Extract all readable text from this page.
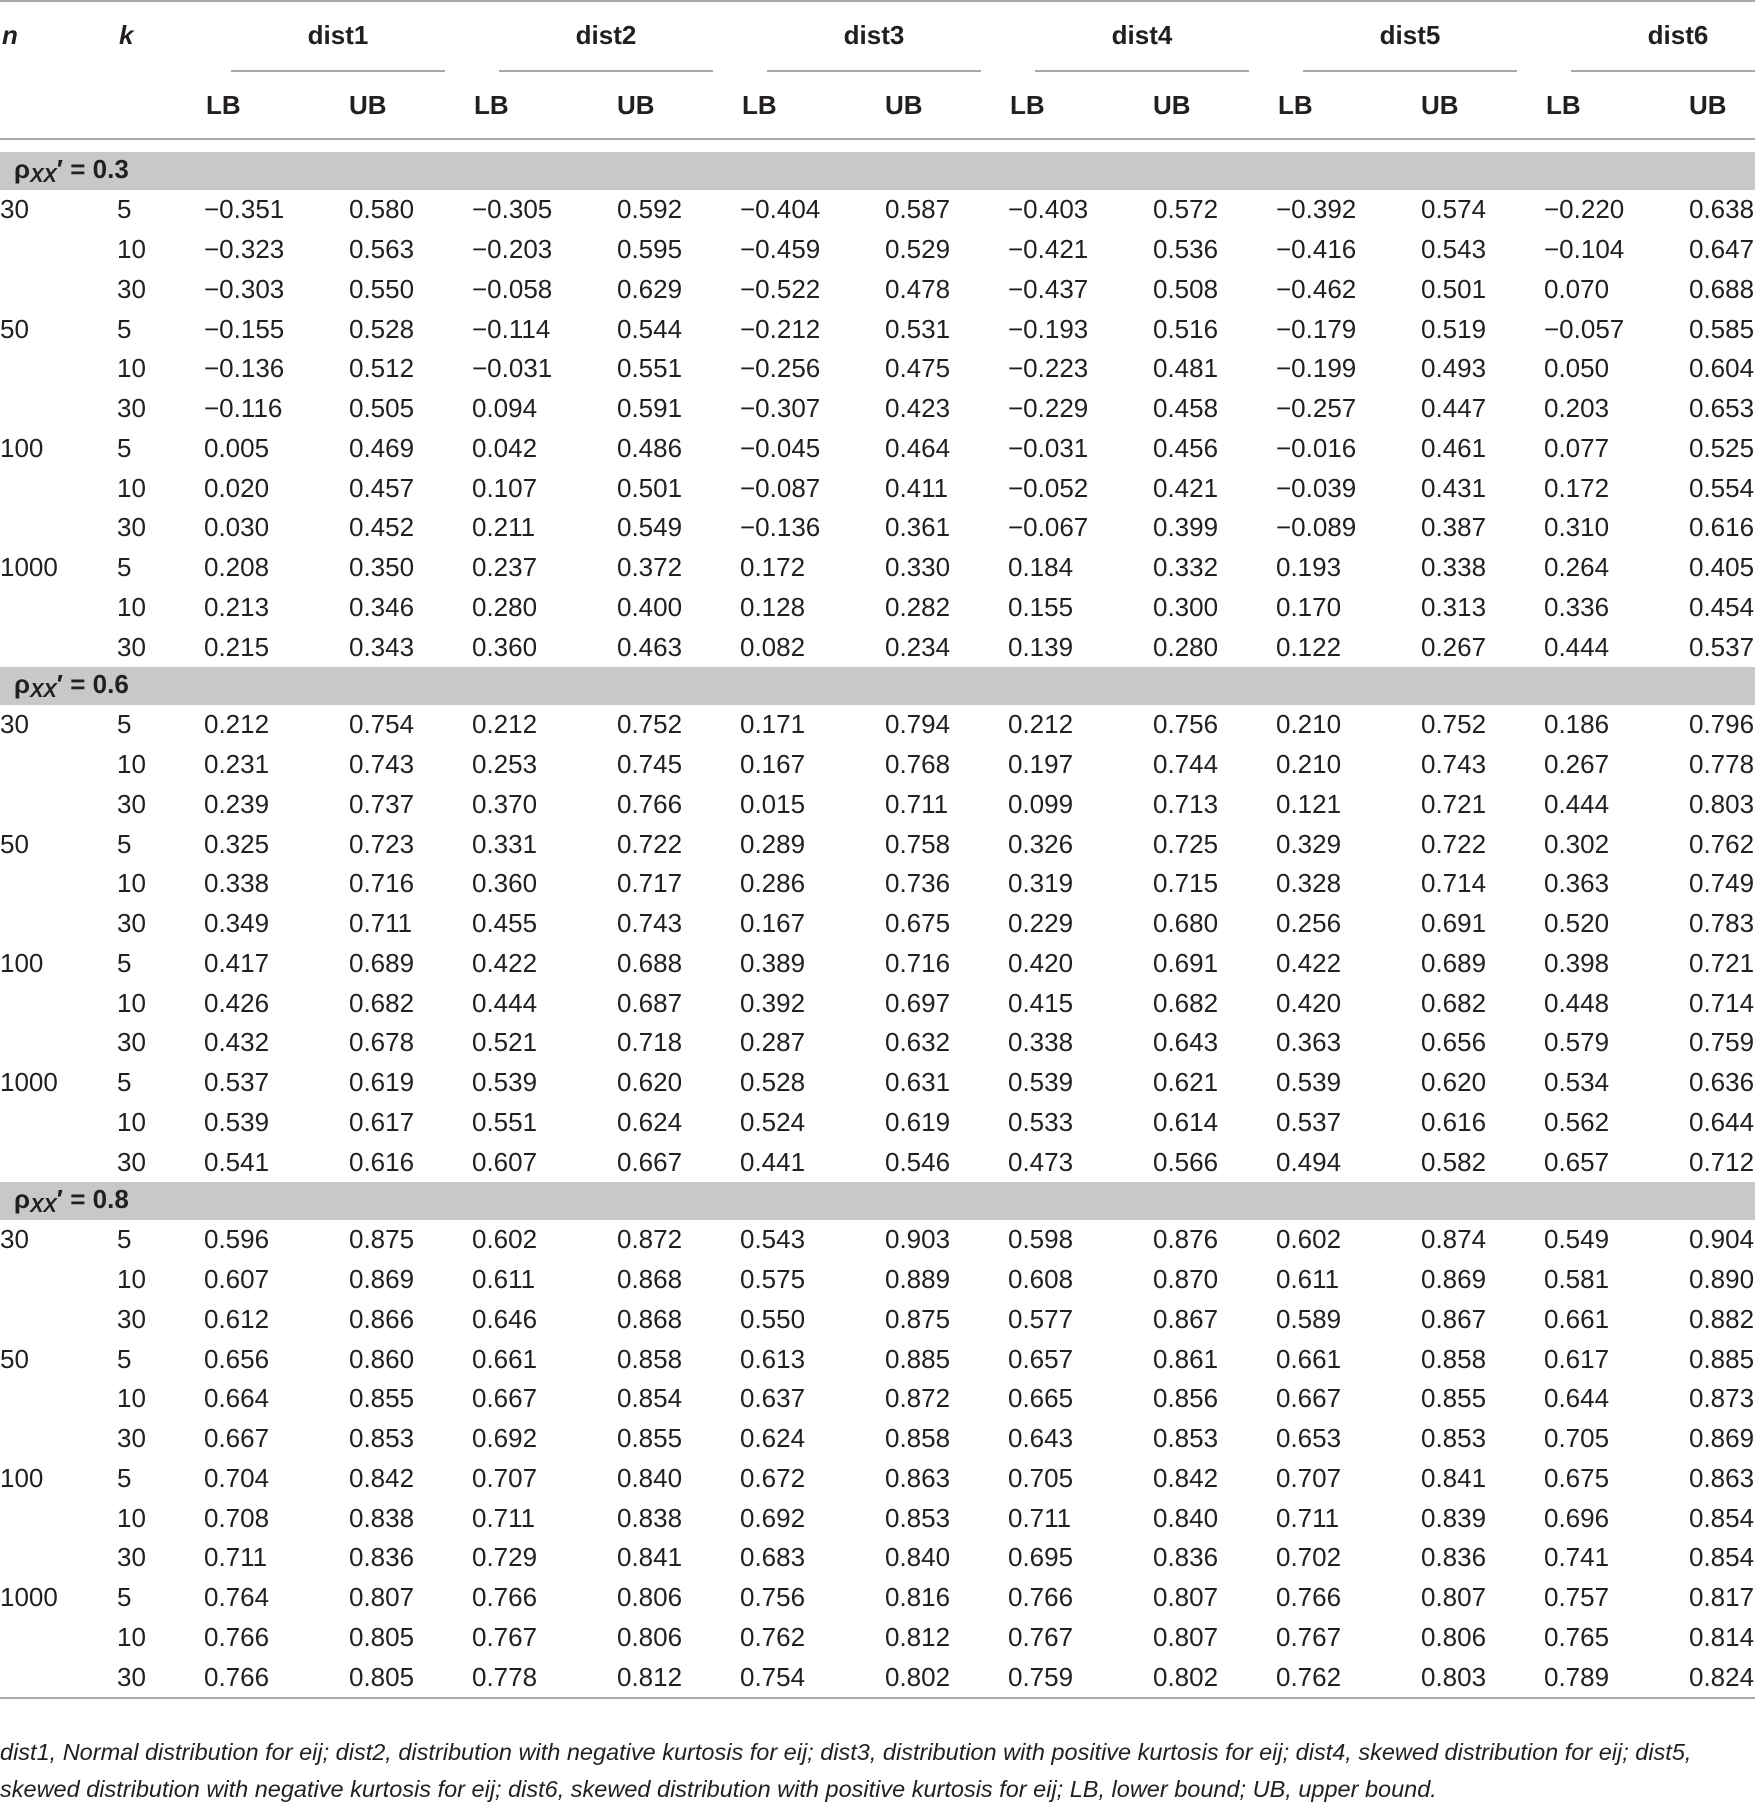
n	k	dist1		dist2		dist3		dist4		dist5		dist6	

		LB	UB	LB	UB	LB	UB	LB	UB	LB	UB	LB	UB

ρXX′ = 0.3													
30	5	−0.351	0.580	−0.305	0.592	−0.404	0.587	−0.403	0.572	−0.392	0.574	−0.220	0.638
	10	−0.323	0.563	−0.203	0.595	−0.459	0.529	−0.421	0.536	−0.416	0.543	−0.104	0.647
	30	−0.303	0.550	−0.058	0.629	−0.522	0.478	−0.437	0.508	−0.462	0.501	0.070	0.688
50	5	−0.155	0.528	−0.114	0.544	−0.212	0.531	−0.193	0.516	−0.179	0.519	−0.057	0.585
	10	−0.136	0.512	−0.031	0.551	−0.256	0.475	−0.223	0.481	−0.199	0.493	0.050	0.604
	30	−0.116	0.505	0.094	0.591	−0.307	0.423	−0.229	0.458	−0.257	0.447	0.203	0.653
100	5	0.005	0.469	0.042	0.486	−0.045	0.464	−0.031	0.456	−0.016	0.461	0.077	0.525
	10	0.020	0.457	0.107	0.501	−0.087	0.411	−0.052	0.421	−0.039	0.431	0.172	0.554
	30	0.030	0.452	0.211	0.549	−0.136	0.361	−0.067	0.399	−0.089	0.387	0.310	0.616
1000	5	0.208	0.350	0.237	0.372	0.172	0.330	0.184	0.332	0.193	0.338	0.264	0.405
	10	0.213	0.346	0.280	0.400	0.128	0.282	0.155	0.300	0.170	0.313	0.336	0.454
	30	0.215	0.343	0.360	0.463	0.082	0.234	0.139	0.280	0.122	0.267	0.444	0.537
ρXX′ = 0.6													
30	5	0.212	0.754	0.212	0.752	0.171	0.794	0.212	0.756	0.210	0.752	0.186	0.796
	10	0.231	0.743	0.253	0.745	0.167	0.768	0.197	0.744	0.210	0.743	0.267	0.778
	30	0.239	0.737	0.370	0.766	0.015	0.711	0.099	0.713	0.121	0.721	0.444	0.803
50	5	0.325	0.723	0.331	0.722	0.289	0.758	0.326	0.725	0.329	0.722	0.302	0.762
	10	0.338	0.716	0.360	0.717	0.286	0.736	0.319	0.715	0.328	0.714	0.363	0.749
	30	0.349	0.711	0.455	0.743	0.167	0.675	0.229	0.680	0.256	0.691	0.520	0.783
100	5	0.417	0.689	0.422	0.688	0.389	0.716	0.420	0.691	0.422	0.689	0.398	0.721
	10	0.426	0.682	0.444	0.687	0.392	0.697	0.415	0.682	0.420	0.682	0.448	0.714
	30	0.432	0.678	0.521	0.718	0.287	0.632	0.338	0.643	0.363	0.656	0.579	0.759
1000	5	0.537	0.619	0.539	0.620	0.528	0.631	0.539	0.621	0.539	0.620	0.534	0.636
	10	0.539	0.617	0.551	0.624	0.524	0.619	0.533	0.614	0.537	0.616	0.562	0.644
	30	0.541	0.616	0.607	0.667	0.441	0.546	0.473	0.566	0.494	0.582	0.657	0.712
ρXX′ = 0.8													
30	5	0.596	0.875	0.602	0.872	0.543	0.903	0.598	0.876	0.602	0.874	0.549	0.904
	10	0.607	0.869	0.611	0.868	0.575	0.889	0.608	0.870	0.611	0.869	0.581	0.890
	30	0.612	0.866	0.646	0.868	0.550	0.875	0.577	0.867	0.589	0.867	0.661	0.882
50	5	0.656	0.860	0.661	0.858	0.613	0.885	0.657	0.861	0.661	0.858	0.617	0.885
	10	0.664	0.855	0.667	0.854	0.637	0.872	0.665	0.856	0.667	0.855	0.644	0.873
	30	0.667	0.853	0.692	0.855	0.624	0.858	0.643	0.853	0.653	0.853	0.705	0.869
100	5	0.704	0.842	0.707	0.840	0.672	0.863	0.705	0.842	0.707	0.841	0.675	0.863
	10	0.708	0.838	0.711	0.838	0.692	0.853	0.711	0.840	0.711	0.839	0.696	0.854
	30	0.711	0.836	0.729	0.841	0.683	0.840	0.695	0.836	0.702	0.836	0.741	0.854
1000	5	0.764	0.807	0.766	0.806	0.756	0.816	0.766	0.807	0.766	0.807	0.757	0.817
	10	0.766	0.805	0.767	0.806	0.762	0.812	0.767	0.807	0.767	0.806	0.765	0.814
	30	0.766	0.805	0.778	0.812	0.754	0.802	0.759	0.802	0.762	0.803	0.789	0.824

dist1, Normal distribution for eij; dist2, distribution with negative kurtosis for eij; dist3, distribution with positive kurtosis for eij; dist4, skewed distribution for eij; dist5,
skewed distribution with negative kurtosis for eij; dist6, skewed distribution with positive kurtosis for eij; LB, lower bound; UB, upper bound.
